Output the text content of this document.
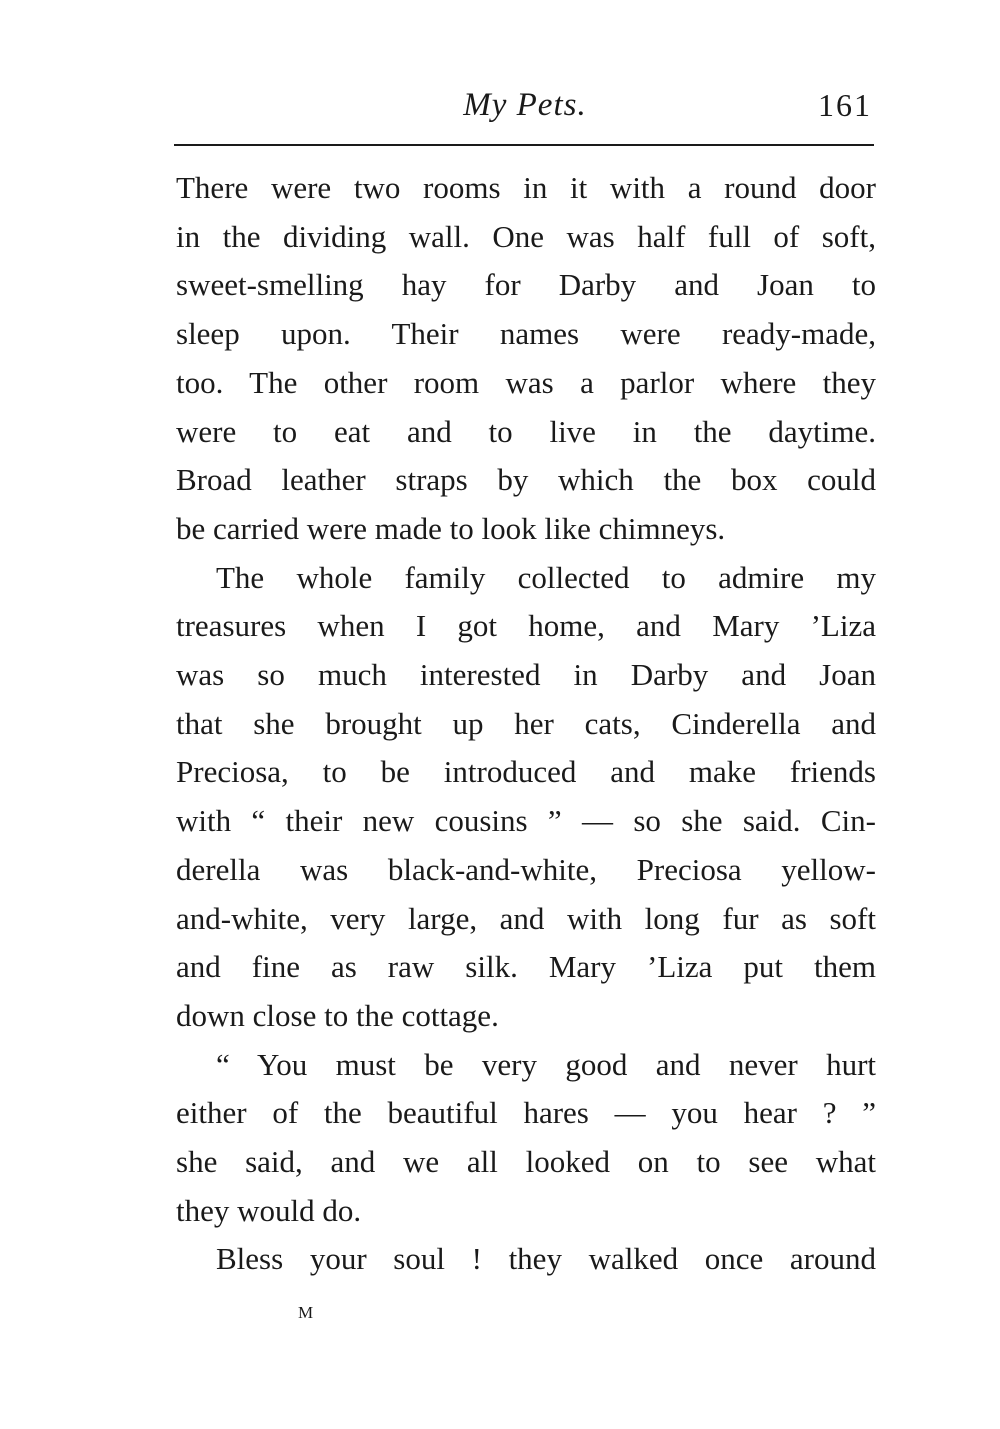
My Pets.	161
There were two rooms in it with a round door
in the dividing wall. One was half full of soft,
sweet-smelling hay for Darby and Joan to
sleep upon. Their names were ready-made,
too. The other room was a parlor where they
were to eat and to live in the daytime.
Broad leather straps by which the box could
be carried were made to look like chimneys.
The whole family collected to admire my
treasures when I got home, and Mary ’Liza
was so much interested in Darby and Joan
that she brought up her cats, Cinderella and
Preciosa, to be introduced and make friends
with “ their new cousins ” — so she said. Cin-
derella was black-and-white, Preciosa yellow-
and-white, very large, and with long fur as soft
and fine as raw silk. Mary ’Liza put them
down close to the cottage.
“ You must be very good and never hurt
either of the beautiful hares — you hear ? ”
she said, and we all looked on to see what
they would do.
Bless your soul ! they walked once around
M
